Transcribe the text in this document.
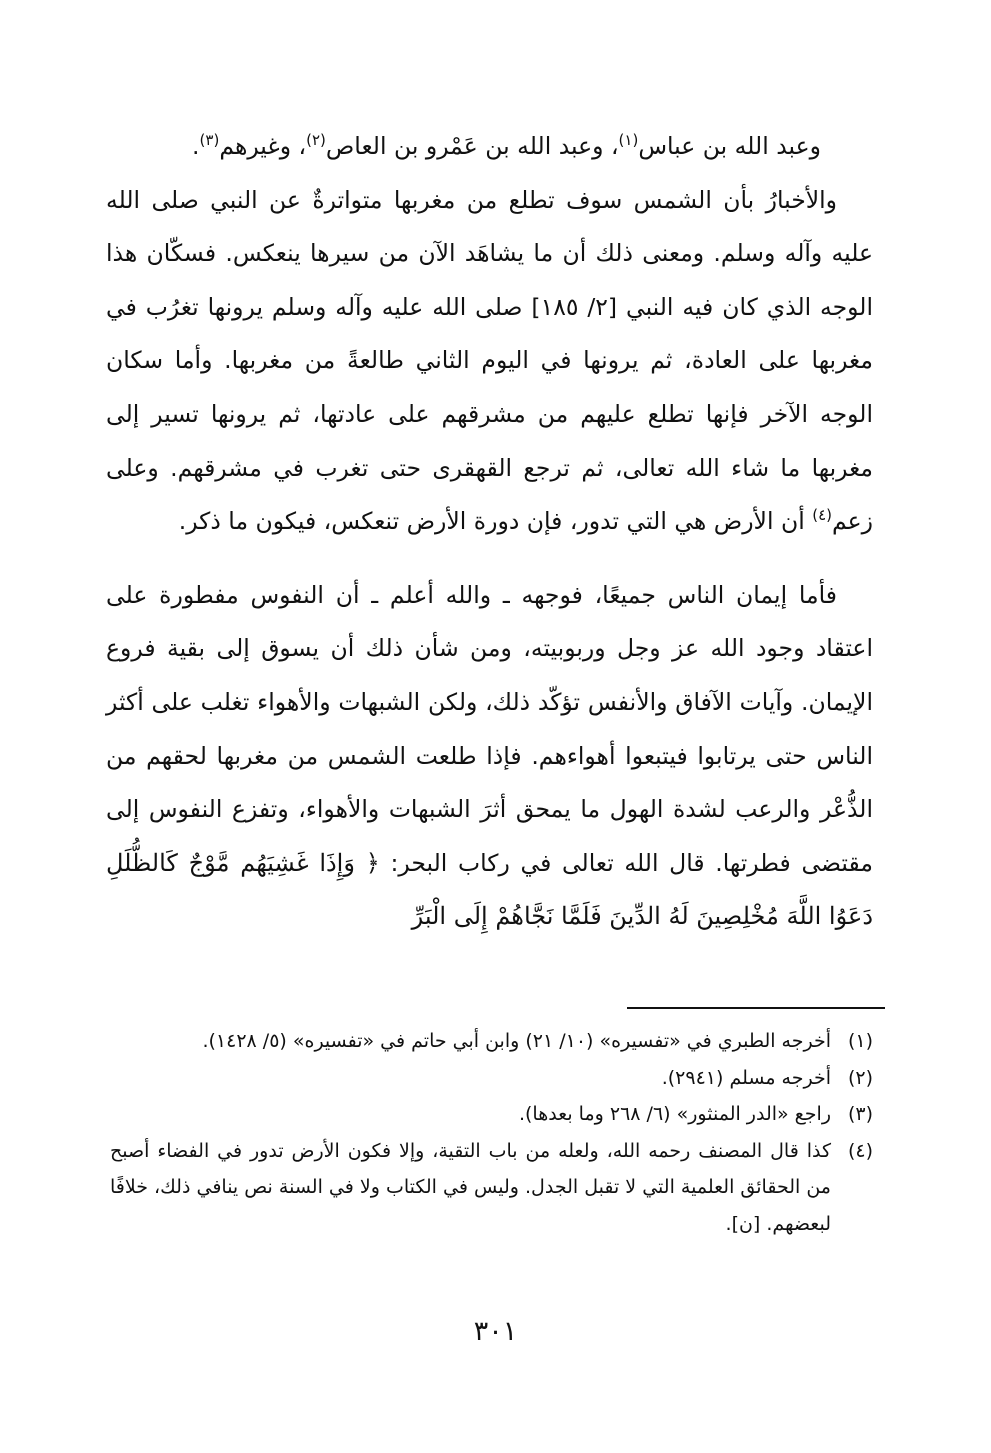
وعبد الله بن عباس$^{(١)}$، وعبد الله بن عَمْرو بن العاص$^{(٢)}$، وغيرهم$^{(٣)}$.

والأخبارُ بأن الشمس سوف تطلع من مغربها متواترةٌ عن النبي صلى الله عليه وآله وسلم. ومعنى ذلك أن ما يشاهَد الآن من سيرها ينعكس. فسكّان هذا الوجه الذي كان فيه النبي [٢/ ١٨٥] صلى الله عليه وآله وسلم يرونها تغرُب في مغربها على العادة، ثم يرونها في اليوم الثاني طالعةً من مغربها. وأما سكان الوجه الآخر فإنها تطلع عليهم من مشرقهم على عادتها، ثم يرونها تسير إلى مغربها ما شاء الله تعالى، ثم ترجع القهقرى حتى تغرب في مشرقهم. وعلى زعم$^{(٤)}$ أن الأرض هي التي تدور، فإن دورة الأرض تنعكس، فيكون ما ذكر.

فأما إيمان الناس جميعًا، فوجهه ـ والله أعلم ـ أن النفوس مفطورة على اعتقاد وجود الله عز وجل وربوبيته، ومن شأن ذلك أن يسوق إلى بقية فروع الإيمان. وآيات الآفاق والأنفس تؤكّد ذلك، ولكن الشبهات والأهواء تغلب على أكثر الناس حتى يرتابوا فيتبعوا أهواءهم. فإذا طلعت الشمس من مغربها لحقهم من الذُّعْر والرعب لشدة الهول ما يمحق أثرَ الشبهات والأهواء، وتفزع النفوس إلى مقتضى فطرتها. قال الله تعالى في ركاب البحر: ﴿ وَإِذَا غَشِيَهُم مَّوْجٌ كَالظُّلَلِ دَعَوُا اللَّهَ مُخْلِصِينَ لَهُ الدِّينَ فَلَمَّا نَجَّاهُمْ إِلَى الْبَرِّ

(١)
أخرجه الطبري في «تفسيره» (١٠/ ٢١) وابن أبي حاتم في «تفسيره» (٥/ ١٤٢٨).
(٢)
أخرجه مسلم (٢٩٤١).
(٣)
راجع «الدر المنثور» (٦/ ٢٦٨ وما بعدها).
(٤)
كذا قال المصنف رحمه الله، ولعله من باب التقية، وإلا فكون الأرض تدور في الفضاء أصبح من الحقائق العلمية التي لا تقبل الجدل. وليس في الكتاب ولا في السنة نص ينافي ذلك، خلافًا لبعضهم. [ن].
٣٠١
